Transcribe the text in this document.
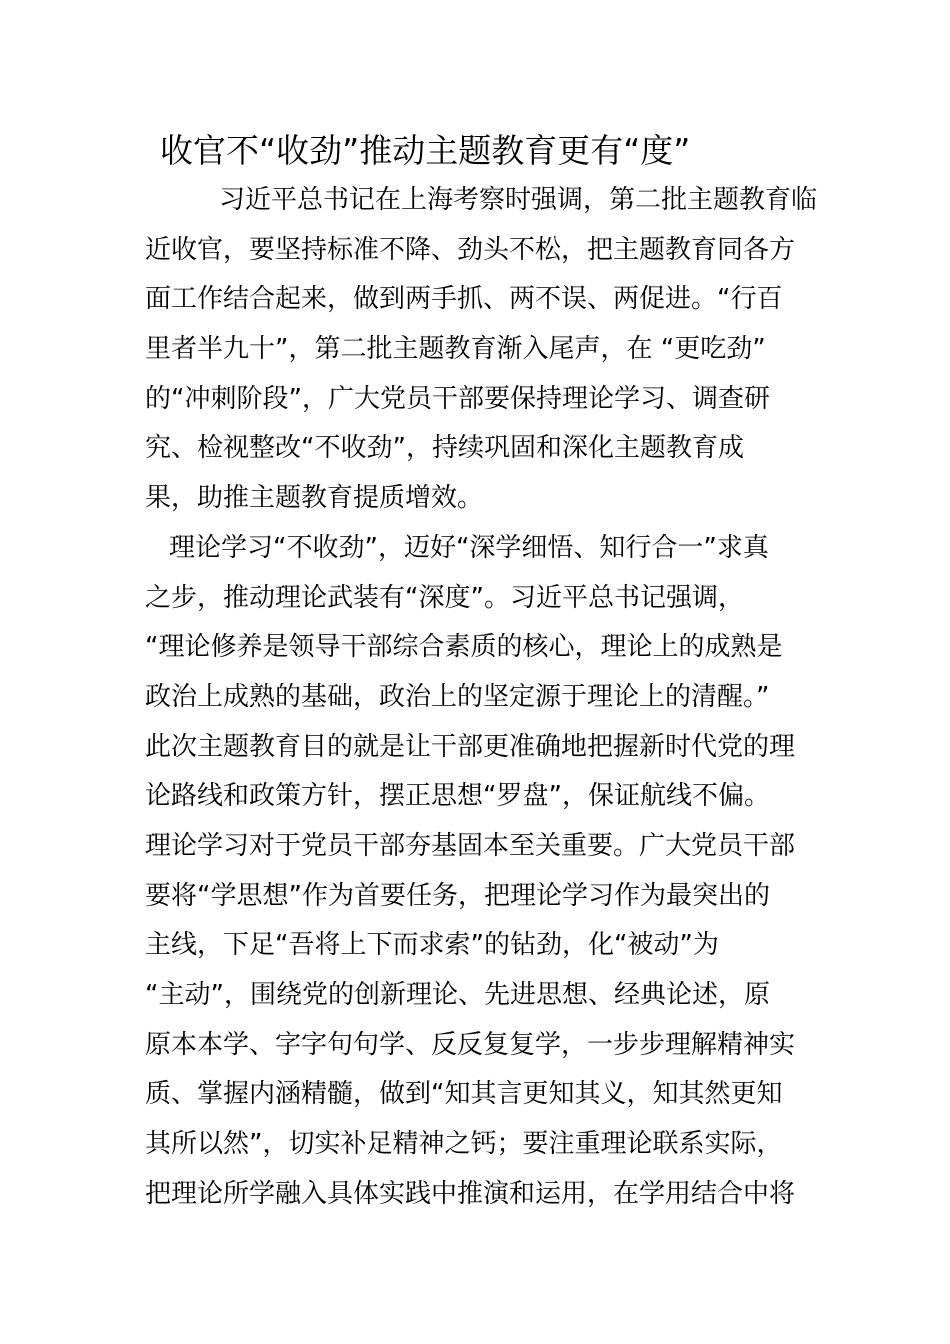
收官不“收劲”推动主题教育更有“度”
习近平总书记在上海考察时强调，第二批主题教育临
近收官，要坚持标准不降、劲头不松，把主题教育同各方
面工作结合起来，做到两手抓、两不误、两促进。“行百
里者半九十”，第二批主题教育渐入尾声，在 “更吃劲”
的“冲刺阶段”，广大党员干部要保持理论学习、调查研
究、检视整改“不收劲”，持续巩固和深化主题教育成
果，助推主题教育提质增效。
理论学习“不收劲”，迈好“深学细悟、知行合一”求真
之步，推动理论武装有“深度”。习近平总书记强调，
“理论修养是领导干部综合素质的核心，理论上的成熟是
政治上成熟的基础，政治上的坚定源于理论上的清醒。”
此次主题教育目的就是让干部更准确地把握新时代党的理
论路线和政策方针，摆正思想“罗盘”，保证航线不偏。
理论学习对于党员干部夯基固本至关重要。广大党员干部
要将“学思想”作为首要任务，把理论学习作为最突出的
主线，下足“吾将上下而求索”的钻劲，化“被动”为
“主动”，围绕党的创新理论、先进思想、经典论述，原
原本本学、字字句句学、反反复复学，一步步理解精神实
质、掌握内涵精髓，做到“知其言更知其义，知其然更知
其所以然”，切实补足精神之钙；要注重理论联系实际，
把理论所学融入具体实践中推演和运用，在学用结合中将
